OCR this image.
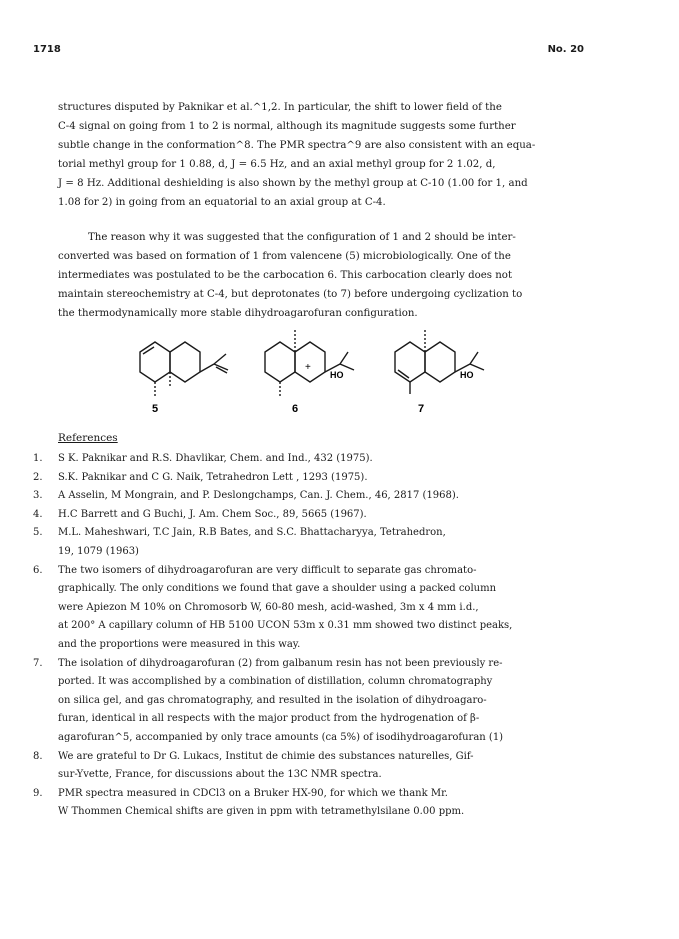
1718	No. 20
structures disputed by Paknikar et al.^1,2. In particular, the shift to lower field of the
C-4 signal on going from 1 to 2 is normal, although its magnitude suggests some further
subtle change in the conformation^8. The PMR spectra^9 are also consistent with an equa-
torial methyl group for 1 0.88, d, J = 6.5 Hz, and an axial methyl group for 2 1.02, d,
J = 8 Hz. Additional deshielding is also shown by the methyl group at C-10 (1.00 for 1, and
1.08 for 2) in going from an equatorial to an axial group at C-4.
The reason why it was suggested that the configuration of 1 and 2 should be inter-
converted was based on formation of 1 from valencene (5) microbiologically. One of the
intermediates was postulated to be the carbocation 6. This carbocation clearly does not
maintain stereochemistry at C-4, but deprotonates (to 7) before undergoing cyclization to
the thermodynamically more stable dihydroagarofuran configuration.
5	6	7
+
HO	HO
References
1.	S K. Paknikar and R.S. Dhavlikar, Chem. and Ind., 432 (1975).
2.	S.K. Paknikar and C G. Naik, Tetrahedron Lett , 1293 (1975).
3.	A Asselin, M Mongrain, and P. Deslongchamps, Can. J. Chem., 46, 2817 (1968).
4.	H.C Barrett and G Buchi, J. Am. Chem Soc., 89, 5665 (1967).
5.	M.L. Maheshwari, T.C Jain, R.B Bates, and S.C. Bhattacharyya, Tetrahedron,
19, 1079 (1963)
6.	The two isomers of dihydroagarofuran are very difficult to separate gas chromato-
graphically. The only conditions we found that gave a shoulder using a packed column
were Apiezon M 10% on Chromosorb W, 60-80 mesh, acid-washed, 3m x 4 mm i.d.,
at 200° A capillary column of HB 5100 UCON 53m x 0.31 mm showed two distinct peaks,
and the proportions were measured in this way.
7.	The isolation of dihydroagarofuran (2) from galbanum resin has not been previously re-
ported. It was accomplished by a combination of distillation, column chromatography
on silica gel, and gas chromatography, and resulted in the isolation of dihydroagaro-
furan, identical in all respects with the major product from the hydrogenation of β-
agarofuran^5, accompanied by only trace amounts (ca 5%) of isodihydroagarofuran (1)
8.	We are grateful to Dr G. Lukacs, Institut de chimie des substances naturelles, Gif-
sur-Yvette, France, for discussions about the 13C NMR spectra.
9.	PMR spectra measured in CDCl3 on a Bruker HX-90, for which we thank Mr.
W Thommen Chemical shifts are given in ppm with tetramethylsilane 0.00 ppm.
